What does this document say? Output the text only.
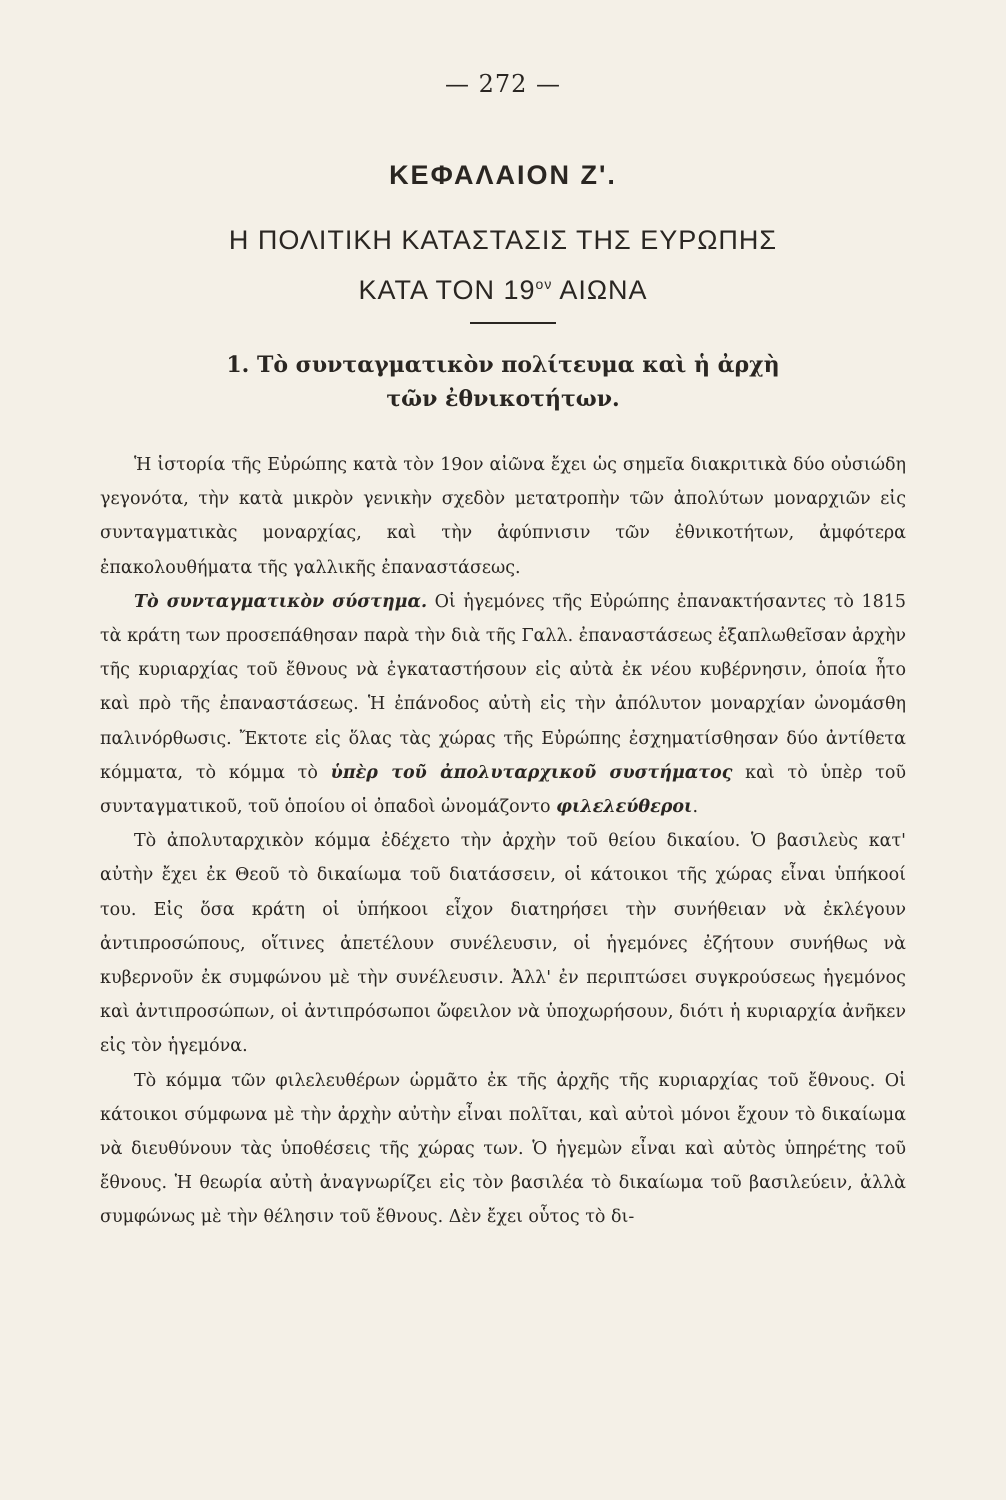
— 272 —
ΚΕΦΑΛΑΙΟΝ Ζ'.
Η ΠΟΛΙΤΙΚΗ ΚΑΤΑΣΤΑΣΙΣ ΤΗΣ ΕΥΡΩΠΗΣ
ΚΑΤΑ ΤΟΝ $19^{o\nu}$ ΑΙΩΝΑ
1. Τὸ συνταγματικὸν πολίτευμα καὶ ἡ ἀρχὴ
τῶν ἐθνικοτήτων.

Ἡ ἱστορία τῆς Εὐρώπης κατὰ τὸν 19ον αἰῶνα ἔχει ὡς σημεῖα διακριτικὰ δύο οὐσιώδη γεγονότα, τὴν κατὰ μικρὸν γενικὴν σχεδὸν μετατροπὴν τῶν ἀπολύτων μοναρχιῶν εἰς συνταγματικὰς μοναρχίας, καὶ τὴν ἀφύπνισιν τῶν ἐθνικοτήτων, ἀμφότερα ἐπακολουθήματα τῆς γαλλικῆς ἐπαναστάσεως.

Τὸ συνταγματικὸν σύστημα. Οἱ ἡγεμόνες τῆς Εὐρώπης ἐπανακτήσαντες τὸ 1815 τὰ κράτη των προσεπάθησαν παρὰ τὴν διὰ τῆς Γαλλ. ἐπαναστάσεως ἐξαπλωθεῖσαν ἀρχὴν τῆς κυριαρχίας τοῦ ἔθνους νὰ ἐγκαταστήσουν εἰς αὐτὰ ἐκ νέου κυβέρνησιν, ὁποία ἦτο καὶ πρὸ τῆς ἐπαναστάσεως. Ἡ ἐπάνοδος αὐτὴ εἰς τὴν ἀπόλυτον μοναρχίαν ὠνομάσθη παλινόρθωσις. Ἔκτοτε εἰς ὅλας τὰς χώρας τῆς Εὐρώπης ἐσχηματίσθησαν δύο ἀντίθετα κόμματα, τὸ κόμμα τὸ ὑπὲρ τοῦ ἀπολυταρχικοῦ συστήματος καὶ τὸ ὑπὲρ τοῦ συνταγματικοῦ, τοῦ ὁποίου οἱ ὀπαδοὶ ὠνομάζοντο φιλελεύθεροι.

Τὸ ἀπολυταρχικὸν κόμμα ἐδέχετο τὴν ἀρχὴν τοῦ θείου δικαίου. Ὁ βασιλεὺς κατ' αὐτὴν ἔχει ἐκ Θεοῦ τὸ δικαίωμα τοῦ διατάσσειν, οἱ κάτοικοι τῆς χώρας εἶναι ὑπήκοοί του. Εἰς ὅσα κράτη οἱ ὑπήκοοι εἶχον διατηρήσει τὴν συνήθειαν νὰ ἐκλέγουν ἀντιπροσώπους, οἵτινες ἀπετέλουν συνέλευσιν, οἱ ἡγεμόνες ἐζήτουν συνήθως νὰ κυβερνοῦν ἐκ συμφώνου μὲ τὴν συνέλευσιν. Ἀλλ' ἐν περιπτώσει συγκρούσεως ἡγεμόνος καὶ ἀντιπροσώπων, οἱ ἀντιπρόσωποι ὤφειλον νὰ ὑποχωρήσουν, διότι ἡ κυριαρχία ἀνῆκεν εἰς τὸν ἡγεμόνα.

Τὸ κόμμα τῶν φιλελευθέρων ὡρμᾶτο ἐκ τῆς ἀρχῆς τῆς κυριαρχίας τοῦ ἔθνους. Οἱ κάτοικοι σύμφωνα μὲ τὴν ἀρχὴν αὐτὴν εἶναι πολῖται, καὶ αὐτοὶ μόνοι ἔχουν τὸ δικαίωμα νὰ διευθύνουν τὰς ὑποθέσεις τῆς χώρας των. Ὁ ἡγεμὼν εἶναι καὶ αὐτὸς ὑπηρέτης τοῦ ἔθνους. Ἡ θεωρία αὐτὴ ἀναγνωρίζει εἰς τὸν βασιλέα τὸ δικαίωμα τοῦ βασιλεύειν, ἀλλὰ συμφώνως μὲ τὴν θέλησιν τοῦ ἔθνους. Δὲν ἔχει οὗτος τὸ δι-
